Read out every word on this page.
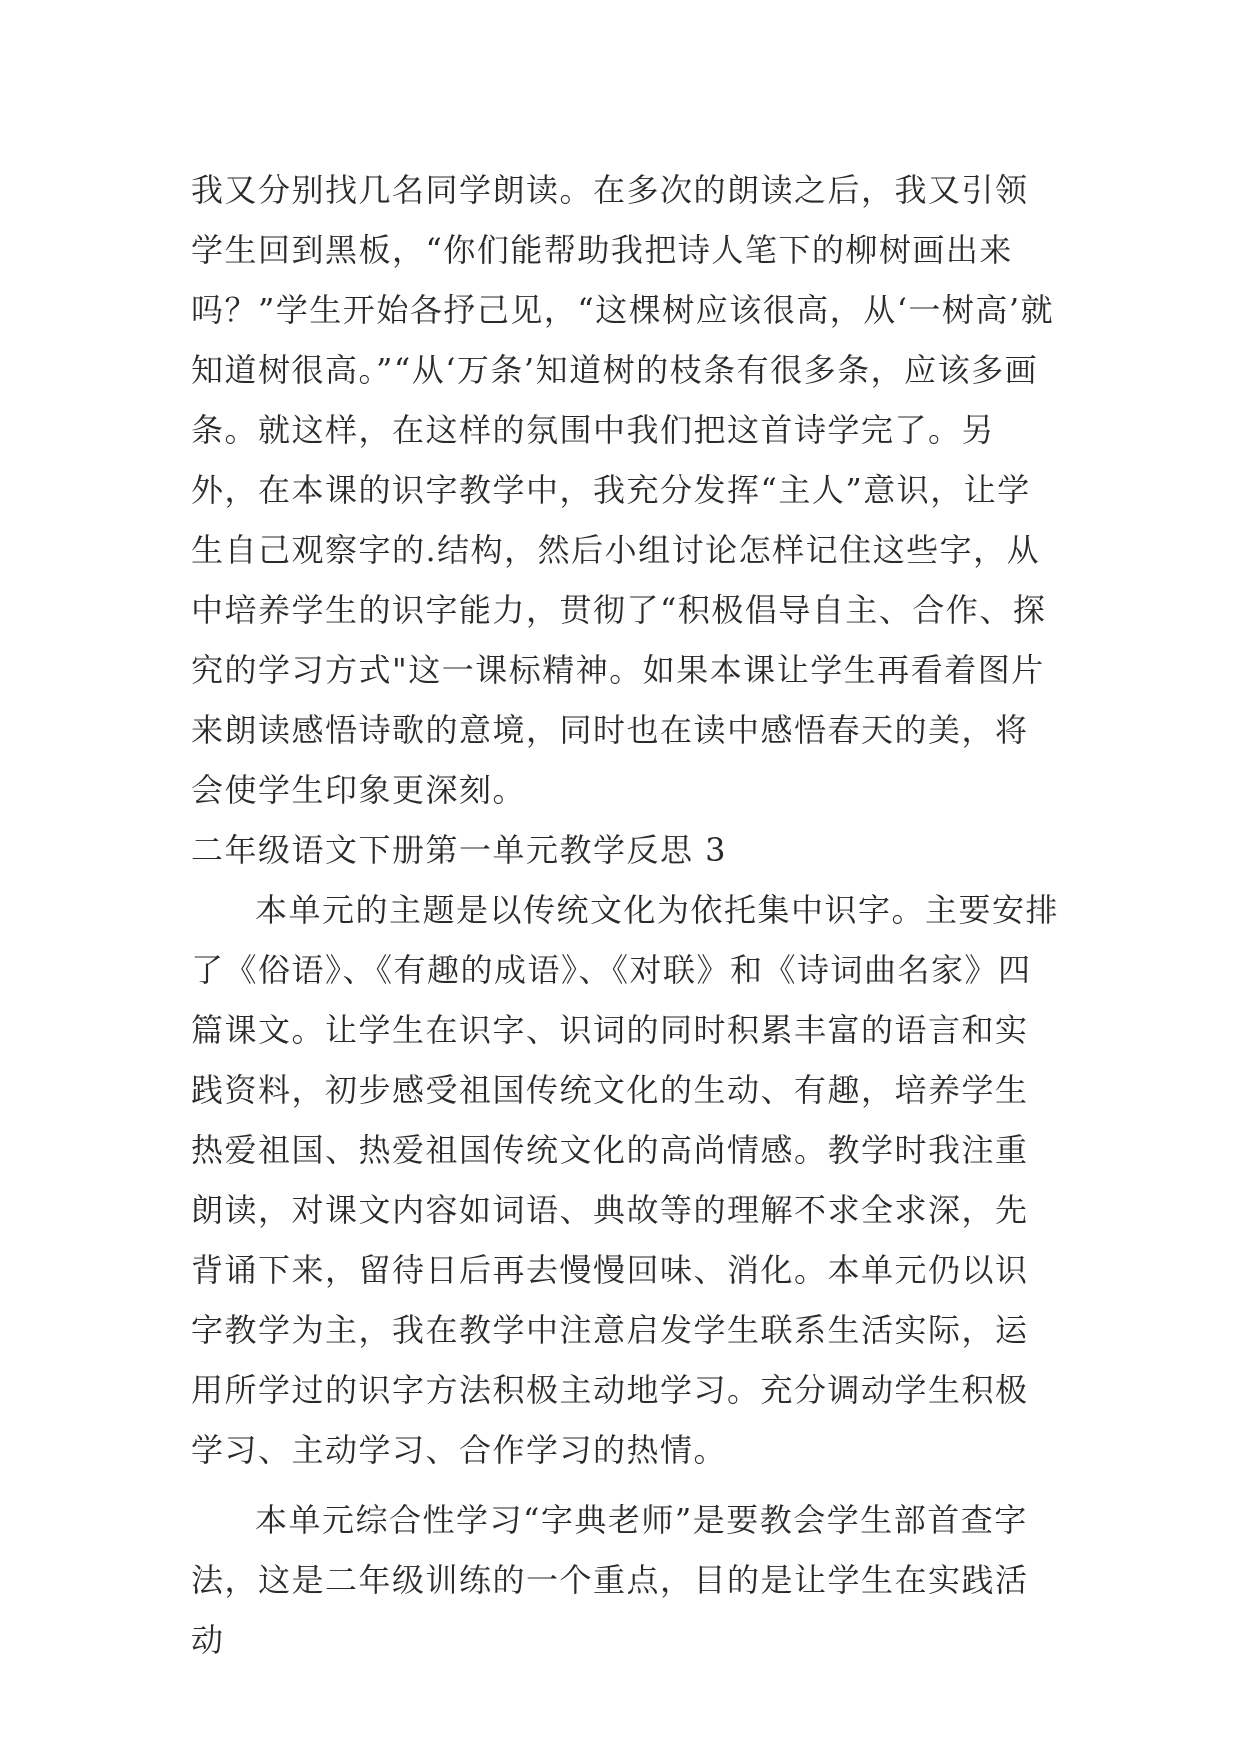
我又分别找几名同学朗读。在多次的朗读之后，我又引领学生回到黑板，“你们能帮助我把诗人笔下的柳树画出来吗？”学生开始各抒己见，“这棵树应该很高，从‘一树高’就知道树很高。”“从‘万条’知道树的枝条有很多条，应该多画条。就这样，在这样的氛围中我们把这首诗学完了。另外，在本课的识字教学中，我充分发挥“主人”意识，让学生自己观察字的.结构，然后小组讨论怎样记住这些字，从中培养学生的识字能力，贯彻了“积极倡导自主、合作、探究的学习方式"这一课标精神。如果本课让学生再看着图片来朗读感悟诗歌的意境，同时也在读中感悟春天的美，将会使学生印象更深刻。

二年级语文下册第一单元教学反思 3

本单元的主题是以传统文化为依托集中识字。主要安排了《俗语》、《有趣的成语》、《对联》和《诗词曲名家》四篇课文。让学生在识字、识词的同时积累丰富的语言和实践资料，初步感受祖国传统文化的生动、有趣，培养学生热爱祖国、热爱祖国传统文化的高尚情感。教学时我注重朗读，对课文内容如词语、典故等的理解不求全求深，先背诵下来，留待日后再去慢慢回味、消化。本单元仍以识字教学为主，我在教学中注意启发学生联系生活实际，运用所学过的识字方法积极主动地学习。充分调动学生积极学习、主动学习、合作学习的热情。

本单元综合性学习“字典老师”是要教会学生部首查字法，这是二年级训练的一个重点，目的是让学生在实践活动
